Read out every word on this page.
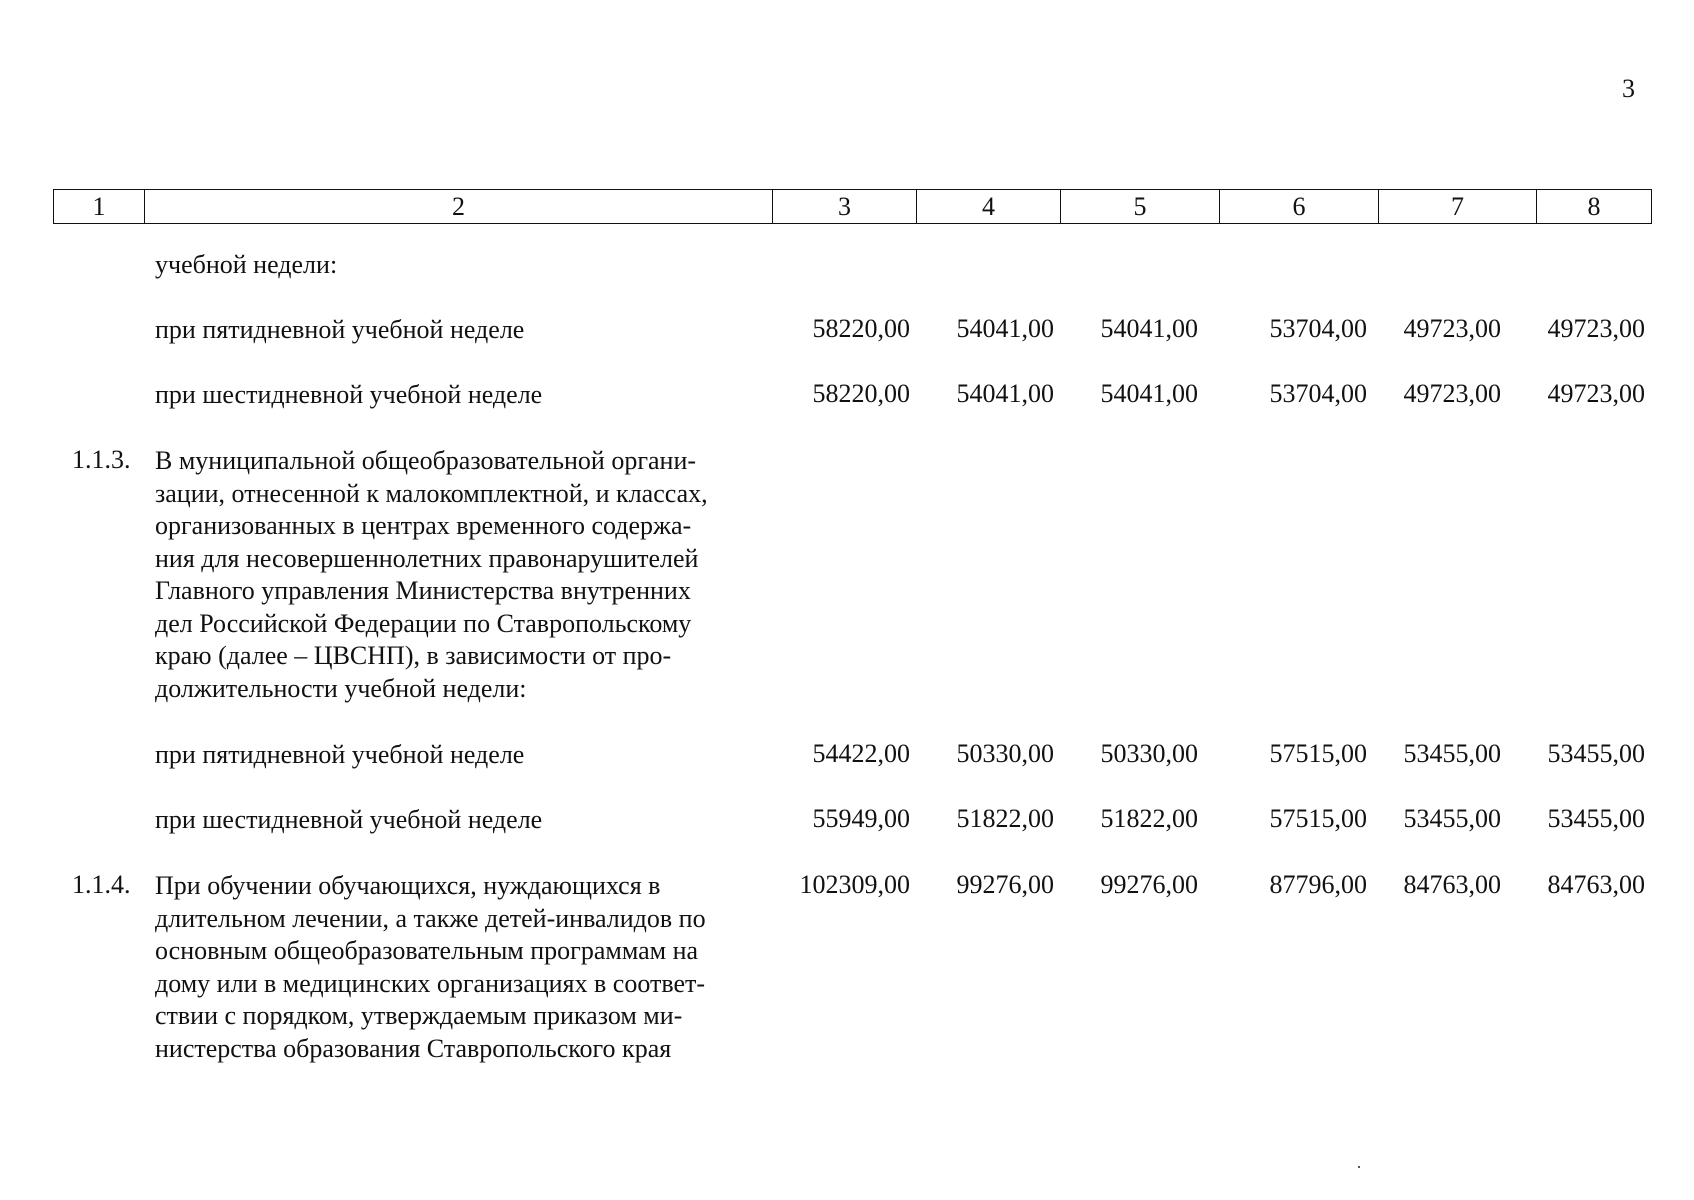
3
1	2	3	4	5	6	7	8
учебной недели:
при пятидневной учебной неделе	58220,00 54041,00 54041,00	53704,00 49723,00 49723,00
при шестидневной учебной неделе	58220,00 54041,00 54041,00	53704,00 49723,00 49723,00
1.1.3. В муниципальной общеобразовательной органи-
зации, отнесенной к малокомплектной, и классах,
организованных в центрах временного содержа-
ния для несовершеннолетних правонарушителей
Главного управления Министерства внутренних
дел Российской Федерации по Ставропольскому
краю (далее – ЦВСНП), в зависимости от про-
должительности учебной недели:
при пятидневной учебной неделе	54422,00 50330,00 50330,00	57515,00 53455,00 53455,00
при шестидневной учебной неделе	55949,00 51822,00 51822,00	57515,00 53455,00 53455,00
1.1.4. При обучении обучающихся, нуждающихся в
длительном лечении, а также детей-инвалидов по
основным общеобразовательным программам на
дому или в медицинских организациях в соответ-
ствии с порядком, утверждаемым приказом ми-
нистерства образования Ставропольского края
102309,00 99276,00 99276,00	87796,00 84763,00 84763,00
